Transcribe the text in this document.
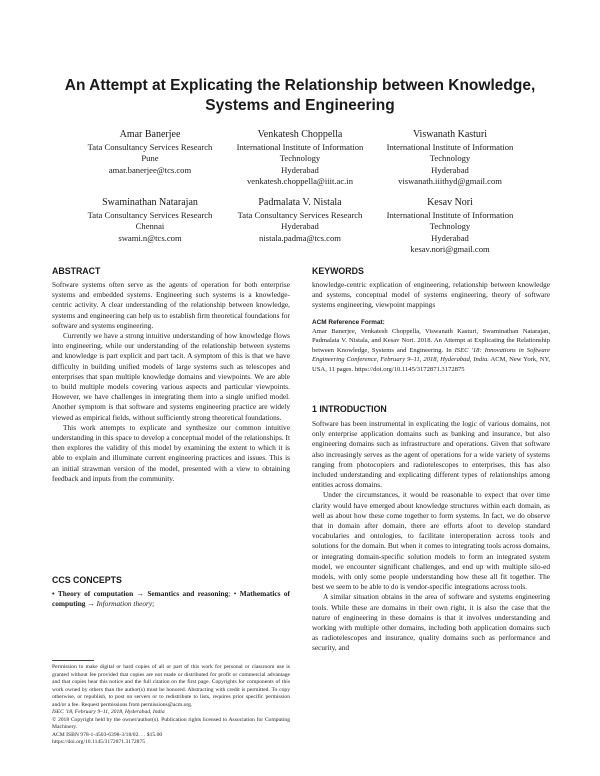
An Attempt at Explicating the Relationship between Knowledge,
Systems and Engineering
Amar Banerjee
Tata Consultancy Services Research
Pune
amar.banerjee@tcs.com
Venkatesh Choppella
International Institute of Information
Technology
Hyderabad
venkatesh.choppella@iiit.ac.in
Viswanath Kasturi
International Institute of Information
Technology
Hyderabad
viswanath.iiithyd@gmail.com
Swaminathan Natarajan
Tata Consultancy Services Research
Chennai
swami.n@tcs.com
Padmalata V. Nistala
Tata Consultancy Services Research
Hyderabad
nistala.padma@tcs.com
Kesav Nori
International Institute of Information
Technology
Hyderabad
kesav.nori@gmail.com
ABSTRACT

Software systems often serve as the agents of operation for both enterprise systems and embedded systems. Engineering such systems is a knowledge-centric activity. A clear understanding of the relationship between knowledge, systems and engineering can help us to establish firm theoretical foundations for software and systems engineering.

Currently we have a strong intuitive understanding of how knowledge flows into engineering, while our understanding of the relationship between systems and knowledge is part explicit and part tacit. A symptom of this is that we have difficulty in building unified models of large systems such as telescopes and enterprises that span multiple knowledge domains and viewpoints. We are able to build multiple models covering various aspects and particular viewpoints. However, we have challenges in integrating them into a single unified model. Another symptom is that software and systems engineering practice are widely viewed as empirical fields, without sufficiently strong theoretical foundations.

This work attempts to explicate and synthesize our common intuitive understanding in this space to develop a conceptual model of the relationships. It then explores the validity of this model by examining the extent to which it is able to explain and illuminate current engineering practices and issues. This is an initial strawman version of the model, presented with a view to obtaining feedback and inputs from the community.

CCS CONCEPTS

• Theory of computation → Semantics and reasoning; • Mathematics of computing → Information theory;

Permission to make digital or hard copies of all or part of this work for personal or classroom use is granted without fee provided that copies are not made or distributed for profit or commercial advantage and that copies bear this notice and the full citation on the first page. Copyrights for components of this work owned by others than the author(s) must be honored. Abstracting with credit is permitted. To copy otherwise, or republish, to post on servers or to redistribute to lists, requires prior specific permission and/or a fee. Request permissions from permissions@acm.org.

ISEC '18, February 9–11, 2018, Hyderabad, India

© 2018 Copyright held by the owner/author(s). Publication rights licensed to Association for Computing Machinery.

ACM ISBN 978-1-4503-6398-3/18/02. . . $15.00

https://doi.org/10.1145/3172871.3172875

KEYWORDS

knowledge-centric explication of engineering, relationship between knowledge and systems, conceptual model of systems engineering, theory of software systems engineering, viewpoint mappings

ACM Reference Format:

Amar Banerjee, Venkatesh Choppella, Viswanath Kasturi, Swaminathan Natarajan, Padmalata V. Nistala, and Kesav Nori. 2018. An Attempt at Explicating the Relationship between Knowledge, Systems and Engineering. In ISEC '18: Innovations in Software Engineering Conference, February 9–11, 2018, Hyderabad, India. ACM, New York, NY, USA, 11 pages. https://doi.org/10.1145/3172871.3172875

1 INTRODUCTION

Software has been instrumental in explicating the logic of various domains, not only enterprise application domains such as banking and insurance, but also engineering domains such as infrastructure and operations. Given that software also increasingly serves as the agent of operations for a wide variety of systems ranging from photocopiers and radiotelescopes to enterprises, this has also included understanding and explicating different types of relationships among entities across domains.

Under the circumstances, it would be reasonable to expect that over time clarity would have emerged about knowledge structures within each domain, as well as about how these come together to form systems. In fact, we do observe that in domain after domain, there are efforts afoot to develop standard vocabularies and ontologies, to facilitate interoperation across tools and solutions for the domain. But when it comes to integrating tools across domains, or integrating domain-specific solution models to form an integrated system model, we encounter significant challenges, and end up with multiple silo-ed models, with only some people understanding how these all fit together. The best we seem to be able to do is vendor-specific integrations across tools.

A similar situation obtains in the area of software and systems engineering tools. While these are domains in their own right, it is also the case that the nature of engineering in these domains is that it involves understanding and working with multiple other domains, including both application domains such as radiotelescopes and insurance, quality domains such as performance and security, and
